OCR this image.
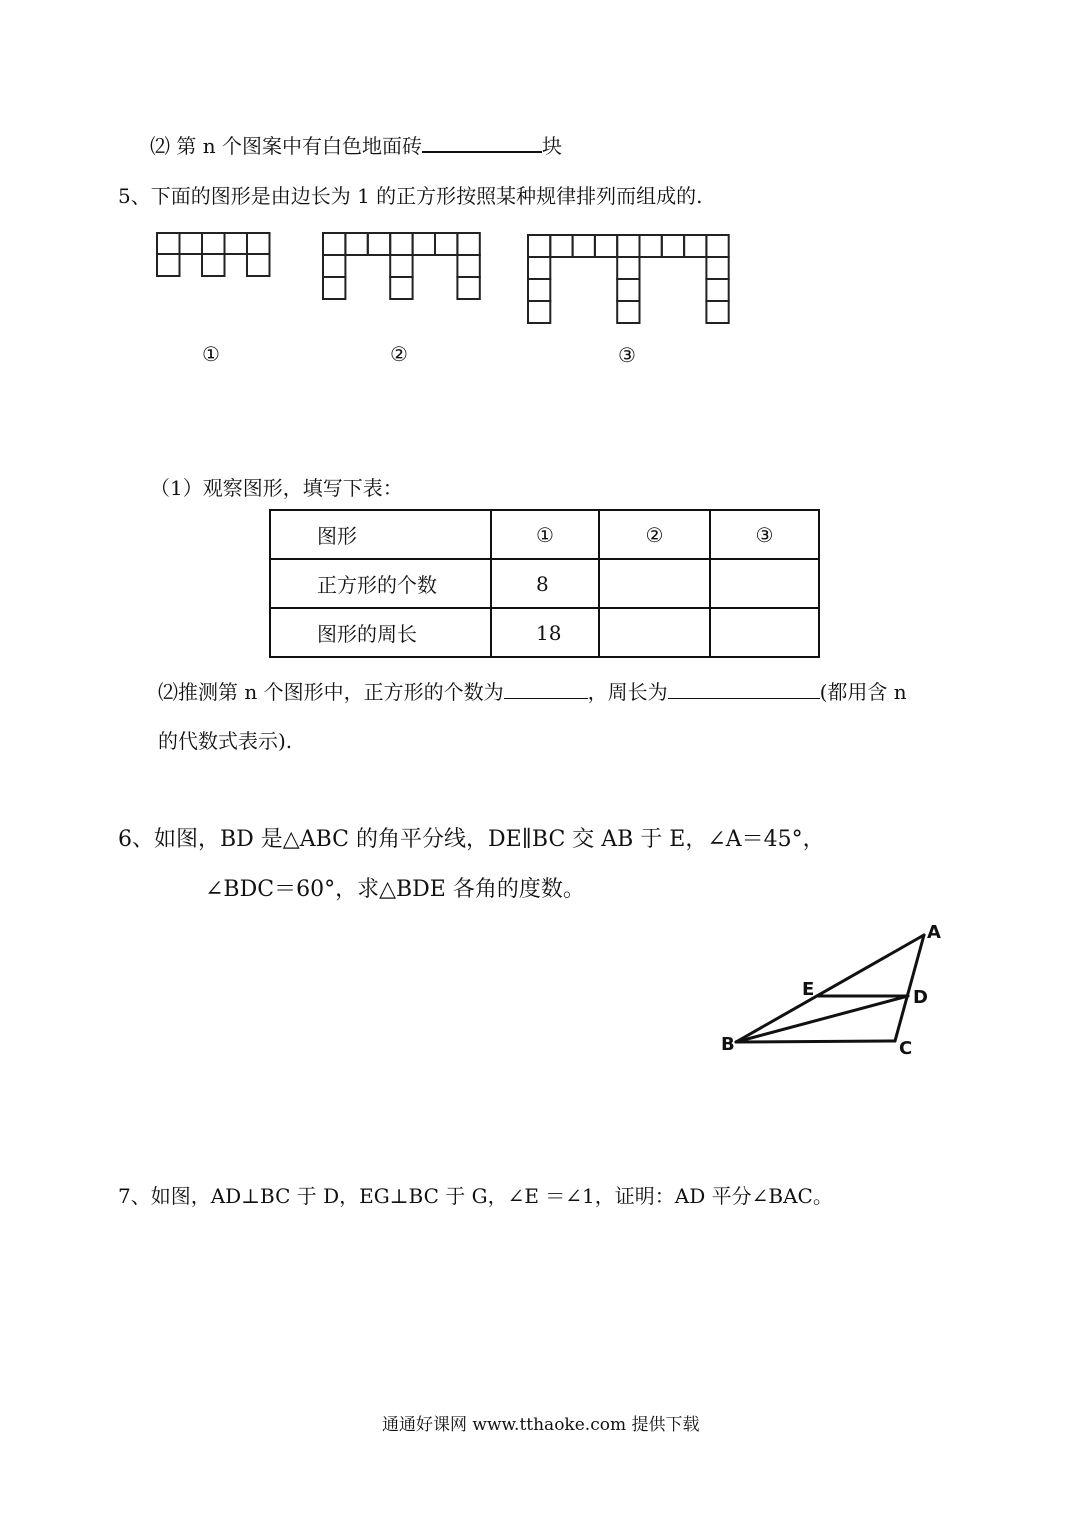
⑵ 第 n 个图案中有白色地面砖	块
5、下面的图形是由边长为 1 的正方形按照某种规律排列而组成的.
①	②	③
（1）观察图形，填写下表：
图形	①	②	③
正方形的个数	8		
图形的周长	18		
⑵推测第 n 个图形中，正方形的个数为	，周长为	(都用含 n
的代数式表示).
6、如图，BD 是△ABC 的角平分线，DE∥BC 交 AB 于 E，∠A＝45°，
∠BDC＝60°，求△BDE 各角的度数。
A
E	D
B	C
7、如图，AD⊥BC 于 D，EG⊥BC 于 G，∠E ＝∠1，证明：AD 平分∠BAC。
通通好课网 www.tthaoke.com 提供下载
